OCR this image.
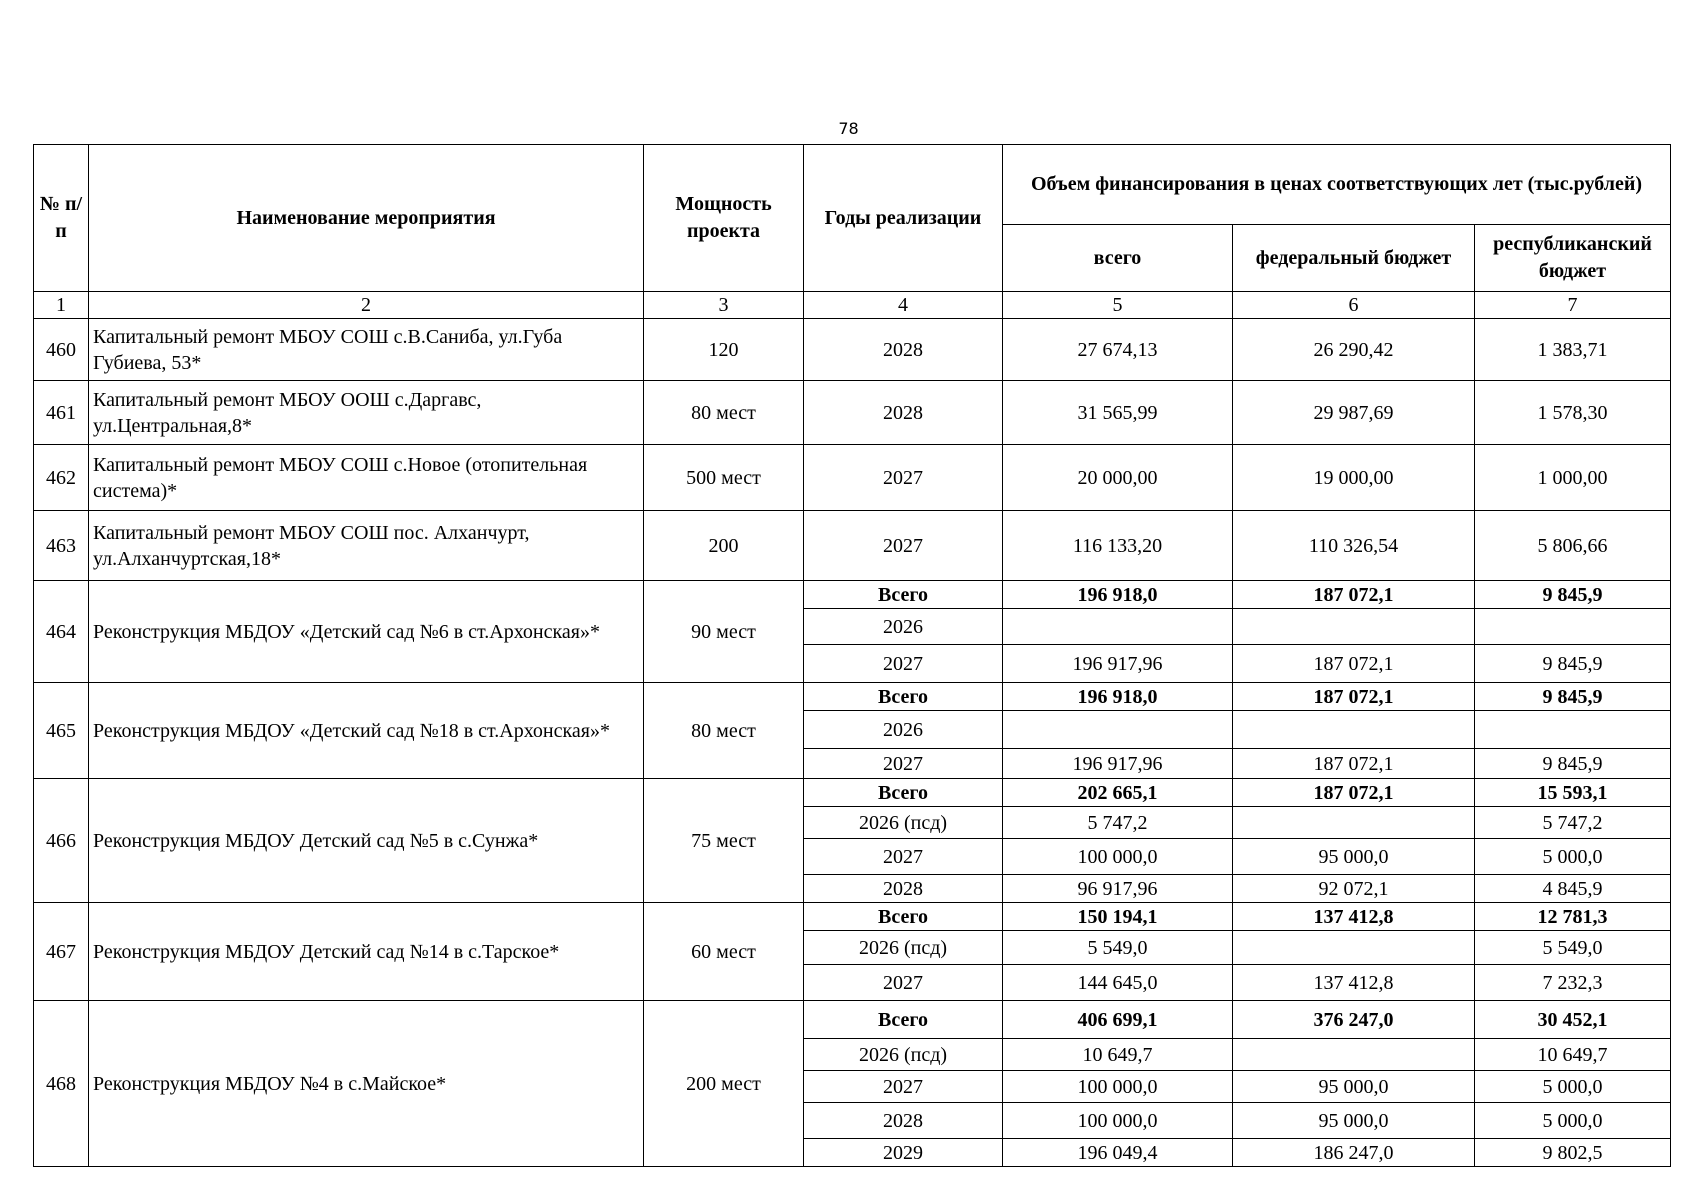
78
№ п/п	Наименование мероприятия	Мощность проекта	Годы реализации	Объем финансирования в ценах соответствующих лет (тыс.рублей)		
				всего	федеральный бюджет	республиканский бюджет
1	2	3	4	5	6	7
460	Капитальный ремонт МБОУ СОШ с.В.Саниба, ул.Губа Губиева, 53*	120	2028	27 674,13	26 290,42	1 383,71
461	Капитальный ремонт МБОУ ООШ с.Даргавс, ул.Центральная,8*	80 мест	2028	31 565,99	29 987,69	1 578,30
462	Капитальный ремонт МБОУ СОШ с.Новое (отопительная система)*	500 мест	2027	20 000,00	19 000,00	1 000,00
463	Капитальный ремонт МБОУ СОШ пос. Алханчурт, ул.Алханчуртская,18*	200	2027	116 133,20	110 326,54	5 806,66
464	Реконструкция МБДОУ «Детский сад №6 в ст.Архонская»*	90 мест	Всего	196 918,0	187 072,1	9 845,9
			2026			
			2027	196 917,96	187 072,1	9 845,9
465	Реконструкция МБДОУ «Детский сад №18 в ст.Архонская»*	80 мест	Всего	196 918,0	187 072,1	9 845,9
			2026			
			2027	196 917,96	187 072,1	9 845,9
466	Реконструкция МБДОУ Детский сад №5 в с.Сунжа*	75 мест	Всего	202 665,1	187 072,1	15 593,1
			2026 (псд)	5 747,2		5 747,2
			2027	100 000,0	95 000,0	5 000,0
			2028	96 917,96	92 072,1	4 845,9
467	Реконструкция МБДОУ Детский сад №14 в с.Тарское*	60 мест	Всего	150 194,1	137 412,8	12 781,3
			2026 (псд)	5 549,0		5 549,0
			2027	144 645,0	137 412,8	7 232,3
468	Реконструкция МБДОУ №4 в с.Майское*	200 мест	Всего	406 699,1	376 247,0	30 452,1
			2026 (псд)	10 649,7		10 649,7
			2027	100 000,0	95 000,0	5 000,0
			2028	100 000,0	95 000,0	5 000,0
			2029	196 049,4	186 247,0	9 802,5
